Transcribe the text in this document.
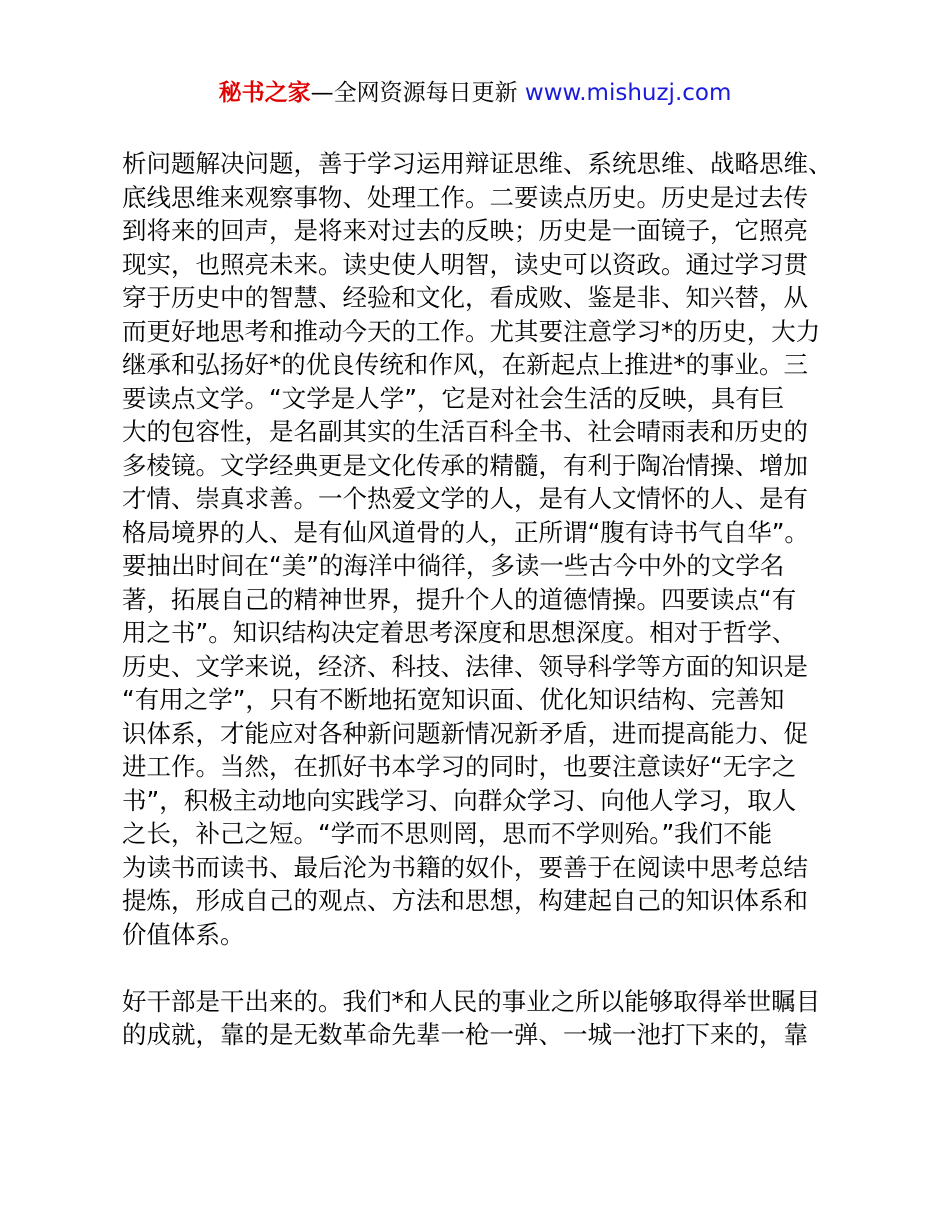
秘书之家—全网资源每日更新 www.mishuzj.com
析问题解决问题，善于学习运用辩证思维、系统思维、战略思维、
底线思维来观察事物、处理工作。二要读点历史。历史是过去传
到将来的回声，是将来对过去的反映；历史是一面镜子，它照亮
现实，也照亮未来。读史使人明智，读史可以资政。通过学习贯
穿于历史中的智慧、经验和文化，看成败、鉴是非、知兴替，从
而更好地思考和推动今天的工作。尤其要注意学习*的历史，大力
继承和弘扬好*的优良传统和作风，在新起点上推进*的事业。三
要读点文学。“文学是人学”，它是对社会生活的反映，具有巨
大的包容性，是名副其实的生活百科全书、社会晴雨表和历史的
多棱镜。文学经典更是文化传承的精髓，有利于陶冶情操、增加
才情、崇真求善。一个热爱文学的人，是有人文情怀的人、是有
格局境界的人、是有仙风道骨的人，正所谓“腹有诗书气自华”。
要抽出时间在“美”的海洋中徜徉，多读一些古今中外的文学名
著，拓展自己的精神世界，提升个人的道德情操。四要读点“有
用之书”。知识结构决定着思考深度和思想深度。相对于哲学、
历史、文学来说，经济、科技、法律、领导科学等方面的知识是
“有用之学”，只有不断地拓宽知识面、优化知识结构、完善知
识体系，才能应对各种新问题新情况新矛盾，进而提高能力、促
进工作。当然，在抓好书本学习的同时，也要注意读好“无字之
书”，积极主动地向实践学习、向群众学习、向他人学习，取人
之长，补己之短。“学而不思则罔，思而不学则殆。”我们不能
为读书而读书、最后沦为书籍的奴仆，要善于在阅读中思考总结
提炼，形成自己的观点、方法和思想，构建起自己的知识体系和
价值体系。
好干部是干出来的。我们*和人民的事业之所以能够取得举世瞩目
的成就，靠的是无数革命先辈一枪一弹、一城一池打下来的，靠
